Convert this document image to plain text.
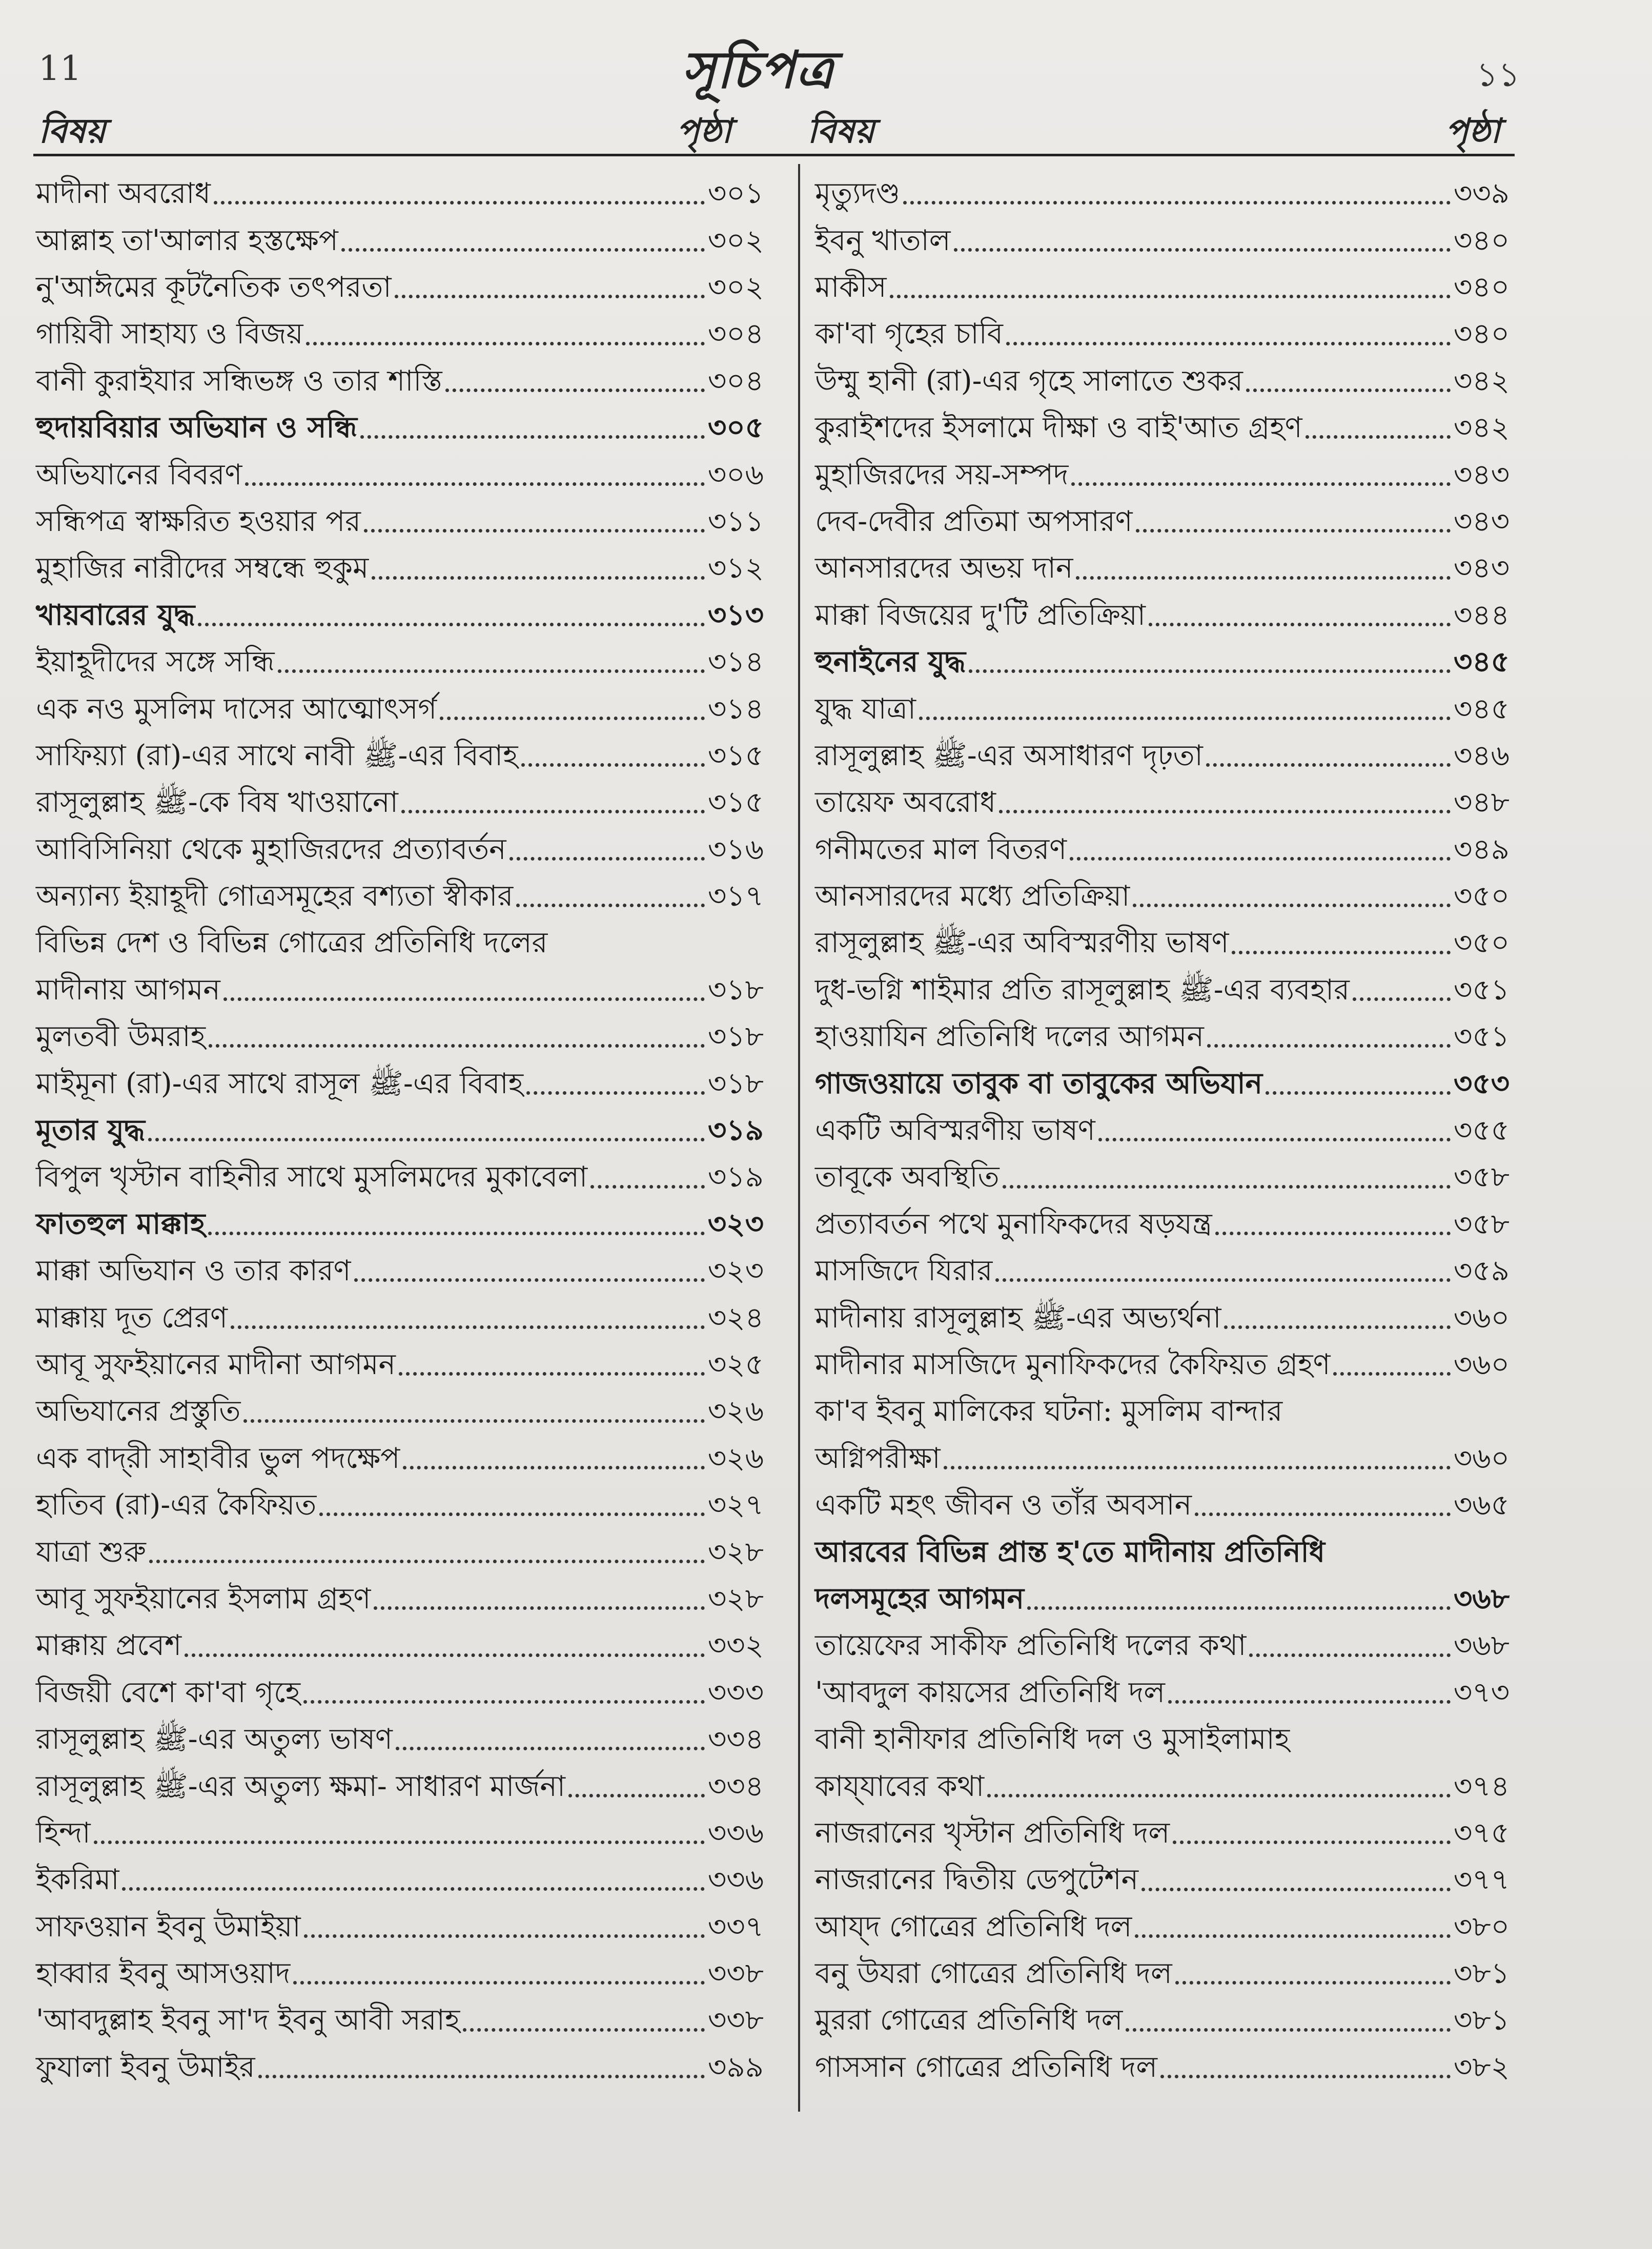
11	সূচিপত্র	১১
বিষয়	পৃষ্ঠা বিষয়	পৃষ্ঠা
মাদীনা অবরোধ	৩০১
আল্লাহ তা'আলার হস্তক্ষেপ	৩০২
নু'আঈমের কূটনৈতিক তৎপরতা	৩০২
গায়িবী সাহায্য ও বিজয়	৩০৪
বানী কুরাইযার সন্ধিভঙ্গ ও তার শাস্তি	৩০৪
হুদায়বিয়ার অভিযান ও সন্ধি	৩০৫
অভিযানের বিবরণ	৩০৬
সন্ধিপত্র স্বাক্ষরিত হওয়ার পর	৩১১
মুহাজির নারীদের সম্বন্ধে হুকুম	৩১২
খায়বারের যুদ্ধ	৩১৩
ইয়াহূদীদের সঙ্গে সন্ধি	৩১৪
এক নও মুসলিম দাসের আত্মোৎসর্গ	৩১৪
সাফিয়্যা (রা)-এর সাথে নাবী ﷺ-এর বিবাহ	৩১৫
রাসূলুল্লাহ ﷺ-কে বিষ খাওয়ানো	৩১৫
আবিসিনিয়া থেকে মুহাজিরদের প্রত্যাবর্তন	৩১৬
অন্যান্য ইয়াহূদী গোত্রসমূহের বশ্যতা স্বীকার	৩১৭
বিভিন্ন দেশ ও বিভিন্ন গোত্রের প্রতিনিধি দলের
মাদীনায় আগমন	৩১৮
মুলতবী উমরাহ	৩১৮
মাইমূনা (রা)-এর সাথে রাসূল ﷺ-এর বিবাহ	৩১৮
মূতার যুদ্ধ	৩১৯
বিপুল খৃস্টান বাহিনীর সাথে মুসলিমদের মুকাবেলা	৩১৯
ফাতহুল মাক্কাহ	৩২৩
মাক্কা অভিযান ও তার কারণ	৩২৩
মাক্কায় দূত প্রেরণ	৩২৪
আবূ সুফইয়ানের মাদীনা আগমন	৩২৫
অভিযানের প্রস্তুতি	৩২৬
এক বাদ্‌রী সাহাবীর ভুল পদক্ষেপ	৩২৬
হাতিব (রা)-এর কৈফিয়ত	৩২৭
যাত্রা শুরু	৩২৮
আবূ সুফইয়ানের ইসলাম গ্রহণ	৩২৮
মাক্কায় প্রবেশ	৩৩২
বিজয়ী বেশে কা'বা গৃহে	৩৩৩
রাসূলুল্লাহ ﷺ-এর অতুল্য ভাষণ	৩৩৪
রাসূলুল্লাহ ﷺ-এর অতুল্য ক্ষমা- সাধারণ মার্জনা	৩৩৪
হিন্দা	৩৩৬
ইকরিমা	৩৩৬
সাফওয়ান ইবনু উমাইয়া	৩৩৭
হাব্বার ইবনু আসওয়াদ	৩৩৮
'আবদুল্লাহ ইবনু সা'দ ইবনু আবী সরাহ	৩৩৮
ফুযালা ইবনু উমাইর	৩৯৯
মৃত্যুদণ্ড	৩৩৯
ইবনু খাতাল	৩৪০
মাকীস	৩৪০
কা'বা গৃহের চাবি	৩৪০
উম্মু হানী (রা)-এর গৃহে সালাতে শুকর	৩৪২
কুরাইশদের ইসলামে দীক্ষা ও বাই'আত গ্রহণ	৩৪২
মুহাজিরদের সয়-সম্পদ	৩৪৩
দেব-দেবীর প্রতিমা অপসারণ	৩৪৩
আনসারদের অভয় দান	৩৪৩
মাক্কা বিজয়ের দু'টি প্রতিক্রিয়া	৩৪৪
হুনাইনের যুদ্ধ	৩৪৫
যুদ্ধ যাত্রা	৩৪৫
রাসূলুল্লাহ ﷺ-এর অসাধারণ দৃঢ়তা	৩৪৬
তায়েফ অবরোধ	৩৪৮
গনীমতের মাল বিতরণ	৩৪৯
আনসারদের মধ্যে প্রতিক্রিয়া	৩৫০
রাসূলুল্লাহ ﷺ-এর অবিস্মরণীয় ভাষণ	৩৫০
দুধ-ভগ্নি শাইমার প্রতি রাসূলুল্লাহ ﷺ-এর ব্যবহার	৩৫১
হাওয়াযিন প্রতিনিধি দলের আগমন	৩৫১
গাজওয়ায়ে তাবুক বা তাবুকের অভিযান	৩৫৩
একটি অবিস্মরণীয় ভাষণ	৩৫৫
তাবূকে অবস্থিতি	৩৫৮
প্রত্যাবর্তন পথে মুনাফিকদের ষড়যন্ত্র	৩৫৮
মাসজিদে যিরার	৩৫৯
মাদীনায় রাসূলুল্লাহ ﷺ-এর অভ্যর্থনা	৩৬০
মাদীনার মাসজিদে মুনাফিকদের কৈফিয়ত গ্রহণ	৩৬০
কা'ব ইবনু মালিকের ঘটনা: মুসলিম বান্দার
অগ্নিপরীক্ষা	৩৬০
একটি মহৎ জীবন ও তাঁর অবসান	৩৬৫
আরবের বিভিন্ন প্রান্ত হ'তে মাদীনায় প্রতিনিধি
দলসমূহের আগমন	৩৬৮
তায়েফের সাকীফ প্রতিনিধি দলের কথা	৩৬৮
'আবদুল কায়সের প্রতিনিধি দল	৩৭৩
বানী হানীফার প্রতিনিধি দল ও মুসাইলামাহ
কায্‌যাবের কথা	৩৭৪
নাজরানের খৃস্টান প্রতিনিধি দল	৩৭৫
নাজরানের দ্বিতীয় ডেপুটেশন	৩৭৭
আয্‌দ গোত্রের প্রতিনিধি দল	৩৮০
বনু উযরা গোত্রের প্রতিনিধি দল	৩৮১
মুররা গোত্রের প্রতিনিধি দল	৩৮১
গাসসান গোত্রের প্রতিনিধি দল	৩৮২
